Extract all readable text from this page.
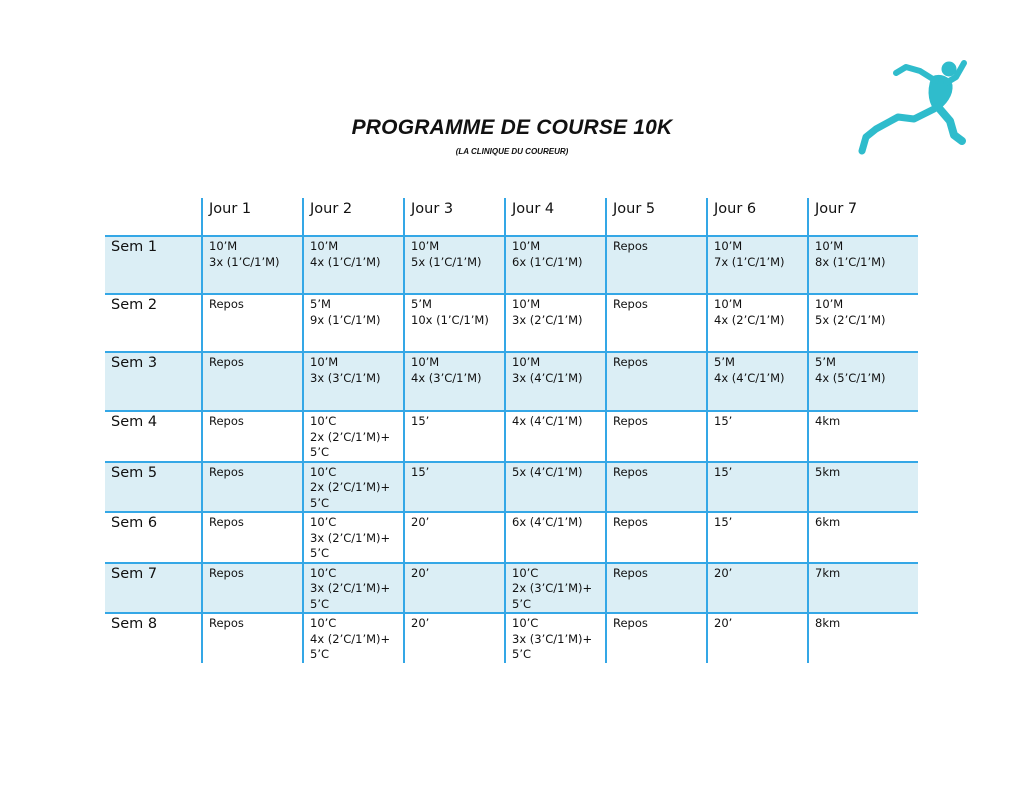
PROGRAMME DE COURSE 10K
(LA CLINIQUE DU COUREUR)
	Jour 1	Jour 2	Jour 3	Jour 4	Jour 5	Jour 6	Jour 7
Sem 1	10’M
3x (1’C/1’M)	10’M
4x (1’C/1’M)	10’M
5x (1’C/1’M)	10’M
6x (1’C/1’M)	Repos	10’M
7x (1’C/1’M)	10’M
8x (1’C/1’M)
Sem 2	Repos	5’M
9x (1’C/1’M)	5’M
10x (1’C/1’M)	10’M
3x (2’C/1’M)	Repos	10’M
4x (2’C/1’M)	10’M
5x (2’C/1’M)
Sem 3	Repos	10’M
3x (3’C/1’M)	10’M
4x (3’C/1’M)	10’M
3x (4’C/1’M)	Repos	5’M
4x (4’C/1’M)	5’M
4x (5’C/1’M)
Sem 4	Repos	10’C
2x (2’C/1’M)+
5’C	15’	4x (4’C/1’M)	Repos	15’	4km
Sem 5	Repos	10’C
2x (2’C/1’M)+
5’C	15’	5x (4’C/1’M)	Repos	15’	5km
Sem 6	Repos	10’C
3x (2’C/1’M)+
5’C	20’	6x (4’C/1’M)	Repos	15’	6km
Sem 7	Repos	10’C
3x (2’C/1’M)+
5’C	20’	10’C
2x (3’C/1’M)+
5’C	Repos	20’	7km
Sem 8	Repos	10’C
4x (2’C/1’M)+
5’C	20’	10’C
3x (3’C/1’M)+
5’C	Repos	20’	8km
